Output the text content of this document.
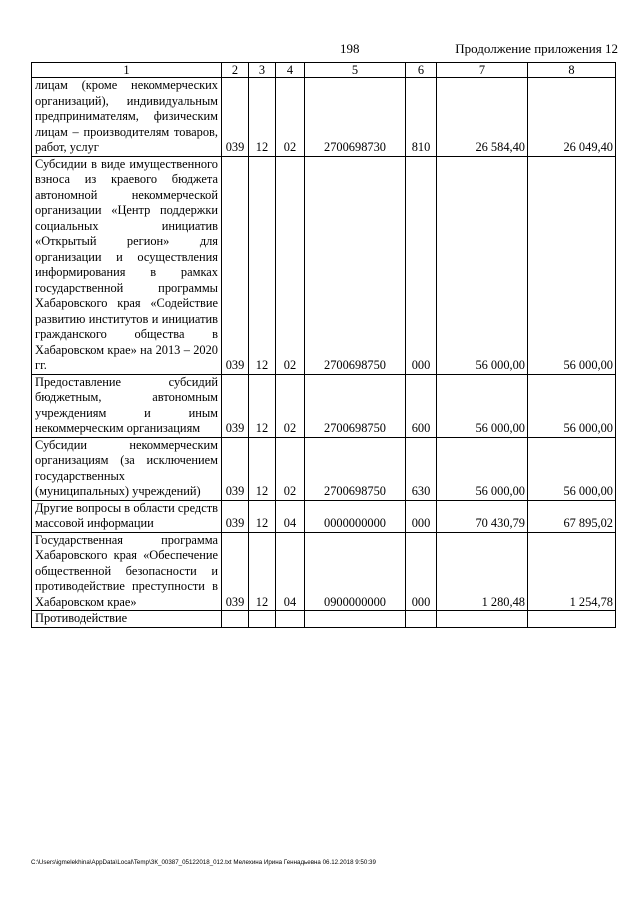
198	Продолжение приложения 12
1	2	3	4	5	6	7	8
лицам (кроме некоммерческих организаций), индивидуальным предпринимателям, физическим лицам – производителям товаров, работ, услуг	039	12	02	2700698730	810	26 584,40	26 049,40
Субсидии в виде имущественного взноса из краевого бюджета автономной некоммерческой организации «Центр поддержки социальных инициатив «Открытый регион» для организации и осуществления информирования в рамках государственной программы Хабаровского края «Содействие развитию институтов и инициатив гражданского общества в Хабаровском крае» на 2013 – 2020 гг.	039	12	02	2700698750	000	56 000,00	56 000,00
Предоставление субсидий бюджетным, автономным учреждениям и иным некоммерческим организациям	039	12	02	2700698750	600	56 000,00	56 000,00
Субсидии некоммерческим организациям (за исключением государственных (муниципальных) учреждений)	039	12	02	2700698750	630	56 000,00	56 000,00
Другие вопросы в области средств массовой информации	039	12	04	0000000000	000	70 430,79	67 895,02
Государственная программа Хабаровского края «Обеспечение общественной безопасности и противодействие преступности в Хабаровском крае»	039	12	04	0900000000	000	1 280,48	1 254,78
Противодействие							
C:\Users\igmelekhina\AppData\Local\Temp\ЗК_00387_05122018_012.txt Мелехина Ирина Геннадьевна 06.12.2018 9:50:39
